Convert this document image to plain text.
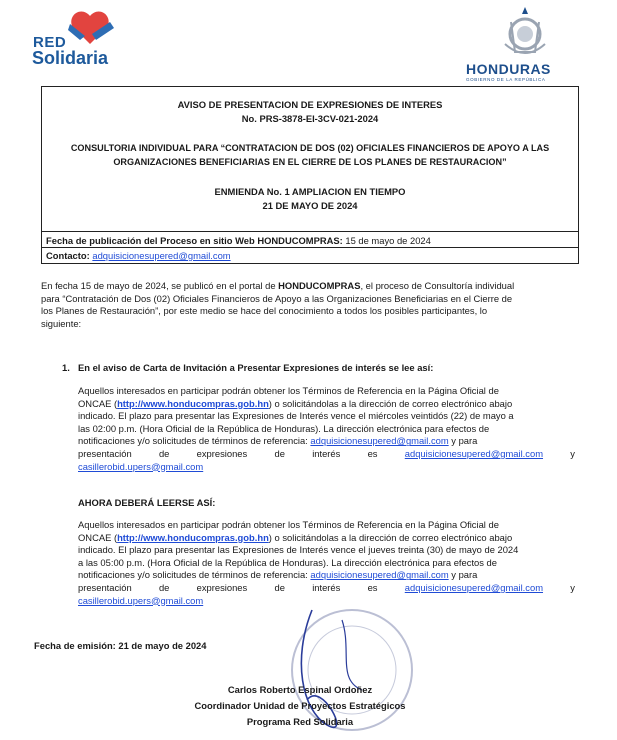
RED
Solidaria
HONDURAS
GOBIERNO DE LA REPÚBLICA
AVISO DE PRESENTACION DE EXPRESIONES DE INTERES
No. PRS-3878-EI-3CV-021-2024
CONSULTORIA INDIVIDUAL PARA “CONTRATACION DE DOS (02) OFICIALES FINANCIEROS DE APOYO A LAS
ORGANIZACIONES BENEFICIARIAS EN EL CIERRE DE LOS PLANES DE RESTAURACION”
ENMIENDA No. 1 AMPLIACION EN TIEMPO
21 DE MAYO DE 2024
Fecha de publicación del Proceso en sitio Web HONDUCOMPRAS: 15 de mayo de 2024
Contacto: adquisicionesupered@gmail.com
En fecha 15 de mayo de 2024, se publicó en el portal de HONDUCOMPRAS, el proceso de Consultoría individual
para “Contratación de Dos (02) Oficiales Financieros de Apoyo a las Organizaciones Beneficiarias en el Cierre de
los Planes de Restauración”, por este medio se hace del conocimiento a todos los posibles participantes, lo
siguiente:
1. En el aviso de Carta de Invitación a Presentar Expresiones de interés se lee así:
Aquellos interesados en participar podrán obtener los Términos de Referencia en la Página Oficial de
ONCAE (http://www.honducompras.gob.hn) o solicitándolas a la dirección de correo electrónico abajo
indicado. El plazo para presentar las Expresiones de Interés vence el miércoles veintidós (22) de mayo a
las 02:00 p.m. (Hora Oficial de la República de Honduras). La dirección electrónica para efectos de
notificaciones y/o solicitudes de términos de referencia: adquisicionesupered@gmail.com y para
presentación	de	expresiones	de	interés	es	adquisicionesupered@gmail.com	y
casillerobid.upers@gmail.com
AHORA DEBERÁ LEERSE ASÍ:
Aquellos interesados en participar podrán obtener los Términos de Referencia en la Página Oficial de
ONCAE (http://www.honducompras.gob.hn) o solicitándolas a la dirección de correo electrónico abajo
indicado. El plazo para presentar las Expresiones de Interés vence el jueves treinta (30) de mayo de 2024
a las 05:00 p.m. (Hora Oficial de la República de Honduras). La dirección electrónica para efectos de
notificaciones y/o solicitudes de términos de referencia: adquisicionesupered@gmail.com y para
presentación	de	expresiones	de	interés	es	adquisicionesupered@gmail.com	y
casillerobid.upers@gmail.com
Fecha de emisión: 21 de mayo de 2024
Carlos Roberto Espinal Ordoñez
Coordinador Unidad de Proyectos Estratégicos
Programa Red Solidaria
